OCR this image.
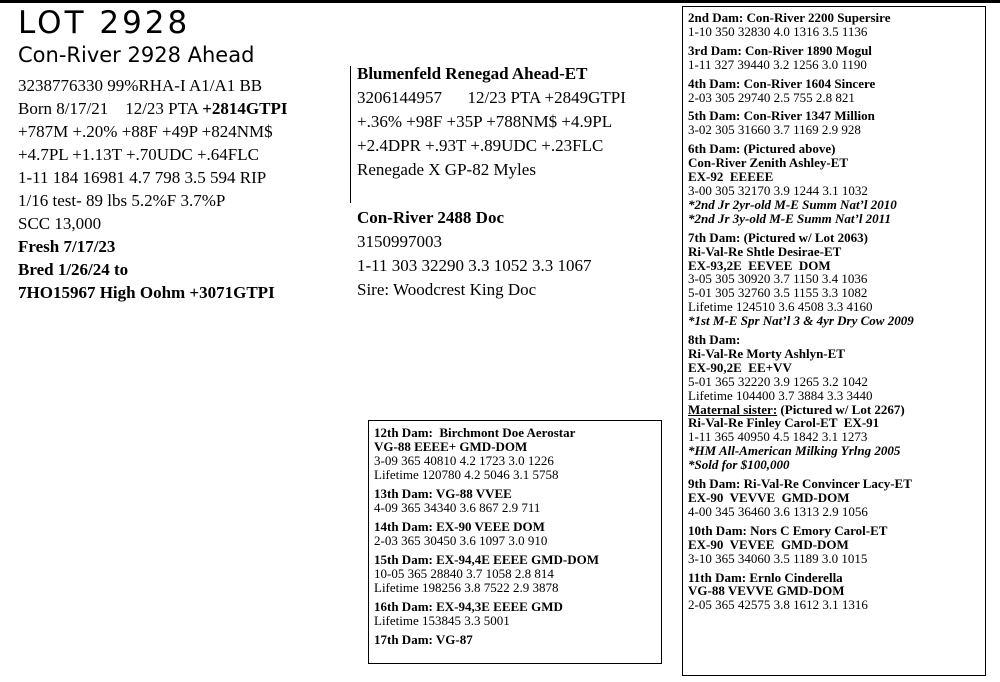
LOT 2928
Con-River 2928 Ahead
3238776330 99%RHA-I A1/A1 BB
Born 8/17/21    12/23 PTA +2814GTPI
+787M +.20% +88F +49P +824NM$
+4.7PL +1.13T +.70UDC +.64FLC
1-11 184 16981 4.7 798 3.5 594 RIP
1/16 test- 89 lbs 5.2%F 3.7%P
SCC 13,000
Fresh 7/17/23
Bred 1/26/24 to
7HO15967 High Oohm +3071GTPI
Blumenfeld Renegad Ahead-ET
3206144957      12/23 PTA +2849GTPI
+.36% +98F +35P +788NM$ +4.9PL
+2.4DPR +.93T +.89UDC +.23FLC
Renegade X GP-82 Myles
Con-River 2488 Doc
3150997003
1-11 303 32290 3.3 1052 3.3 1067
Sire: Woodcrest King Doc
12th Dam:  Birchmont Doe Aerostar
VG-88 EEEE+ GMD-DOM
3-09 365 40810 4.2 1723 3.0 1226
Lifetime 120780 4.2 5046 3.1 5758
13th Dam: VG-88 VVEE
4-09 365 34340 3.6 867 2.9 711
14th Dam: EX-90 VEEE DOM
2-03 365 30450 3.6 1097 3.0 910
15th Dam: EX-94,4E EEEE GMD-DOM
10-05 365 28840 3.7 1058 2.8 814
Lifetime 198256 3.8 7522 2.9 3878
16th Dam: EX-94,3E EEEE GMD
Lifetime 153845 3.3 5001
17th Dam: VG-87
2nd Dam: Con-River 2200 Supersire
1-10 350 32830 4.0 1316 3.5 1136
3rd Dam: Con-River 1890 Mogul
1-11 327 39440 3.2 1256 3.0 1190
4th Dam: Con-River 1604 Sincere
2-03 305 29740 2.5 755 2.8 821
5th Dam: Con-River 1347 Million
3-02 305 31660 3.7 1169 2.9 928
6th Dam: (Pictured above)
Con-River Zenith Ashley-ET
EX-92  EEEEE
3-00 305 32170 3.9 1244 3.1 1032
*2nd Jr 2yr-old M-E Summ Nat’l 2010
*2nd Jr 3y-old M-E Summ Nat’l 2011
7th Dam: (Pictured w/ Lot 2063)
Ri-Val-Re Shtle Desirae-ET
EX-93,2E  EEVEE  DOM
3-05 305 30920 3.7 1150 3.4 1036
5-01 305 32760 3.5 1155 3.3 1082
Lifetime 124510 3.6 4508 3.3 4160
*1st M-E Spr Nat’l 3 & 4yr Dry Cow 2009
8th Dam:
Ri-Val-Re Morty Ashlyn-ET
EX-90,2E  EE+VV
5-01 365 32220 3.9 1265 3.2 1042
Lifetime 104400 3.7 3884 3.3 3440
Maternal sister: (Pictured w/ Lot 2267)
Ri-Val-Re Finley Carol-ET  EX-91
1-11 365 40950 4.5 1842 3.1 1273
*HM All-American Milking Yrlng 2005
*Sold for $100,000
9th Dam: Ri-Val-Re Convincer Lacy-ET
EX-90  VEVVE  GMD-DOM
4-00 345 36460 3.6 1313 2.9 1056
10th Dam: Nors C Emory Carol-ET
EX-90  VEVEE  GMD-DOM
3-10 365 34060 3.5 1189 3.0 1015
11th Dam: Ernlo Cinderella
VG-88 VEVVE GMD-DOM
2-05 365 42575 3.8 1612 3.1 1316
